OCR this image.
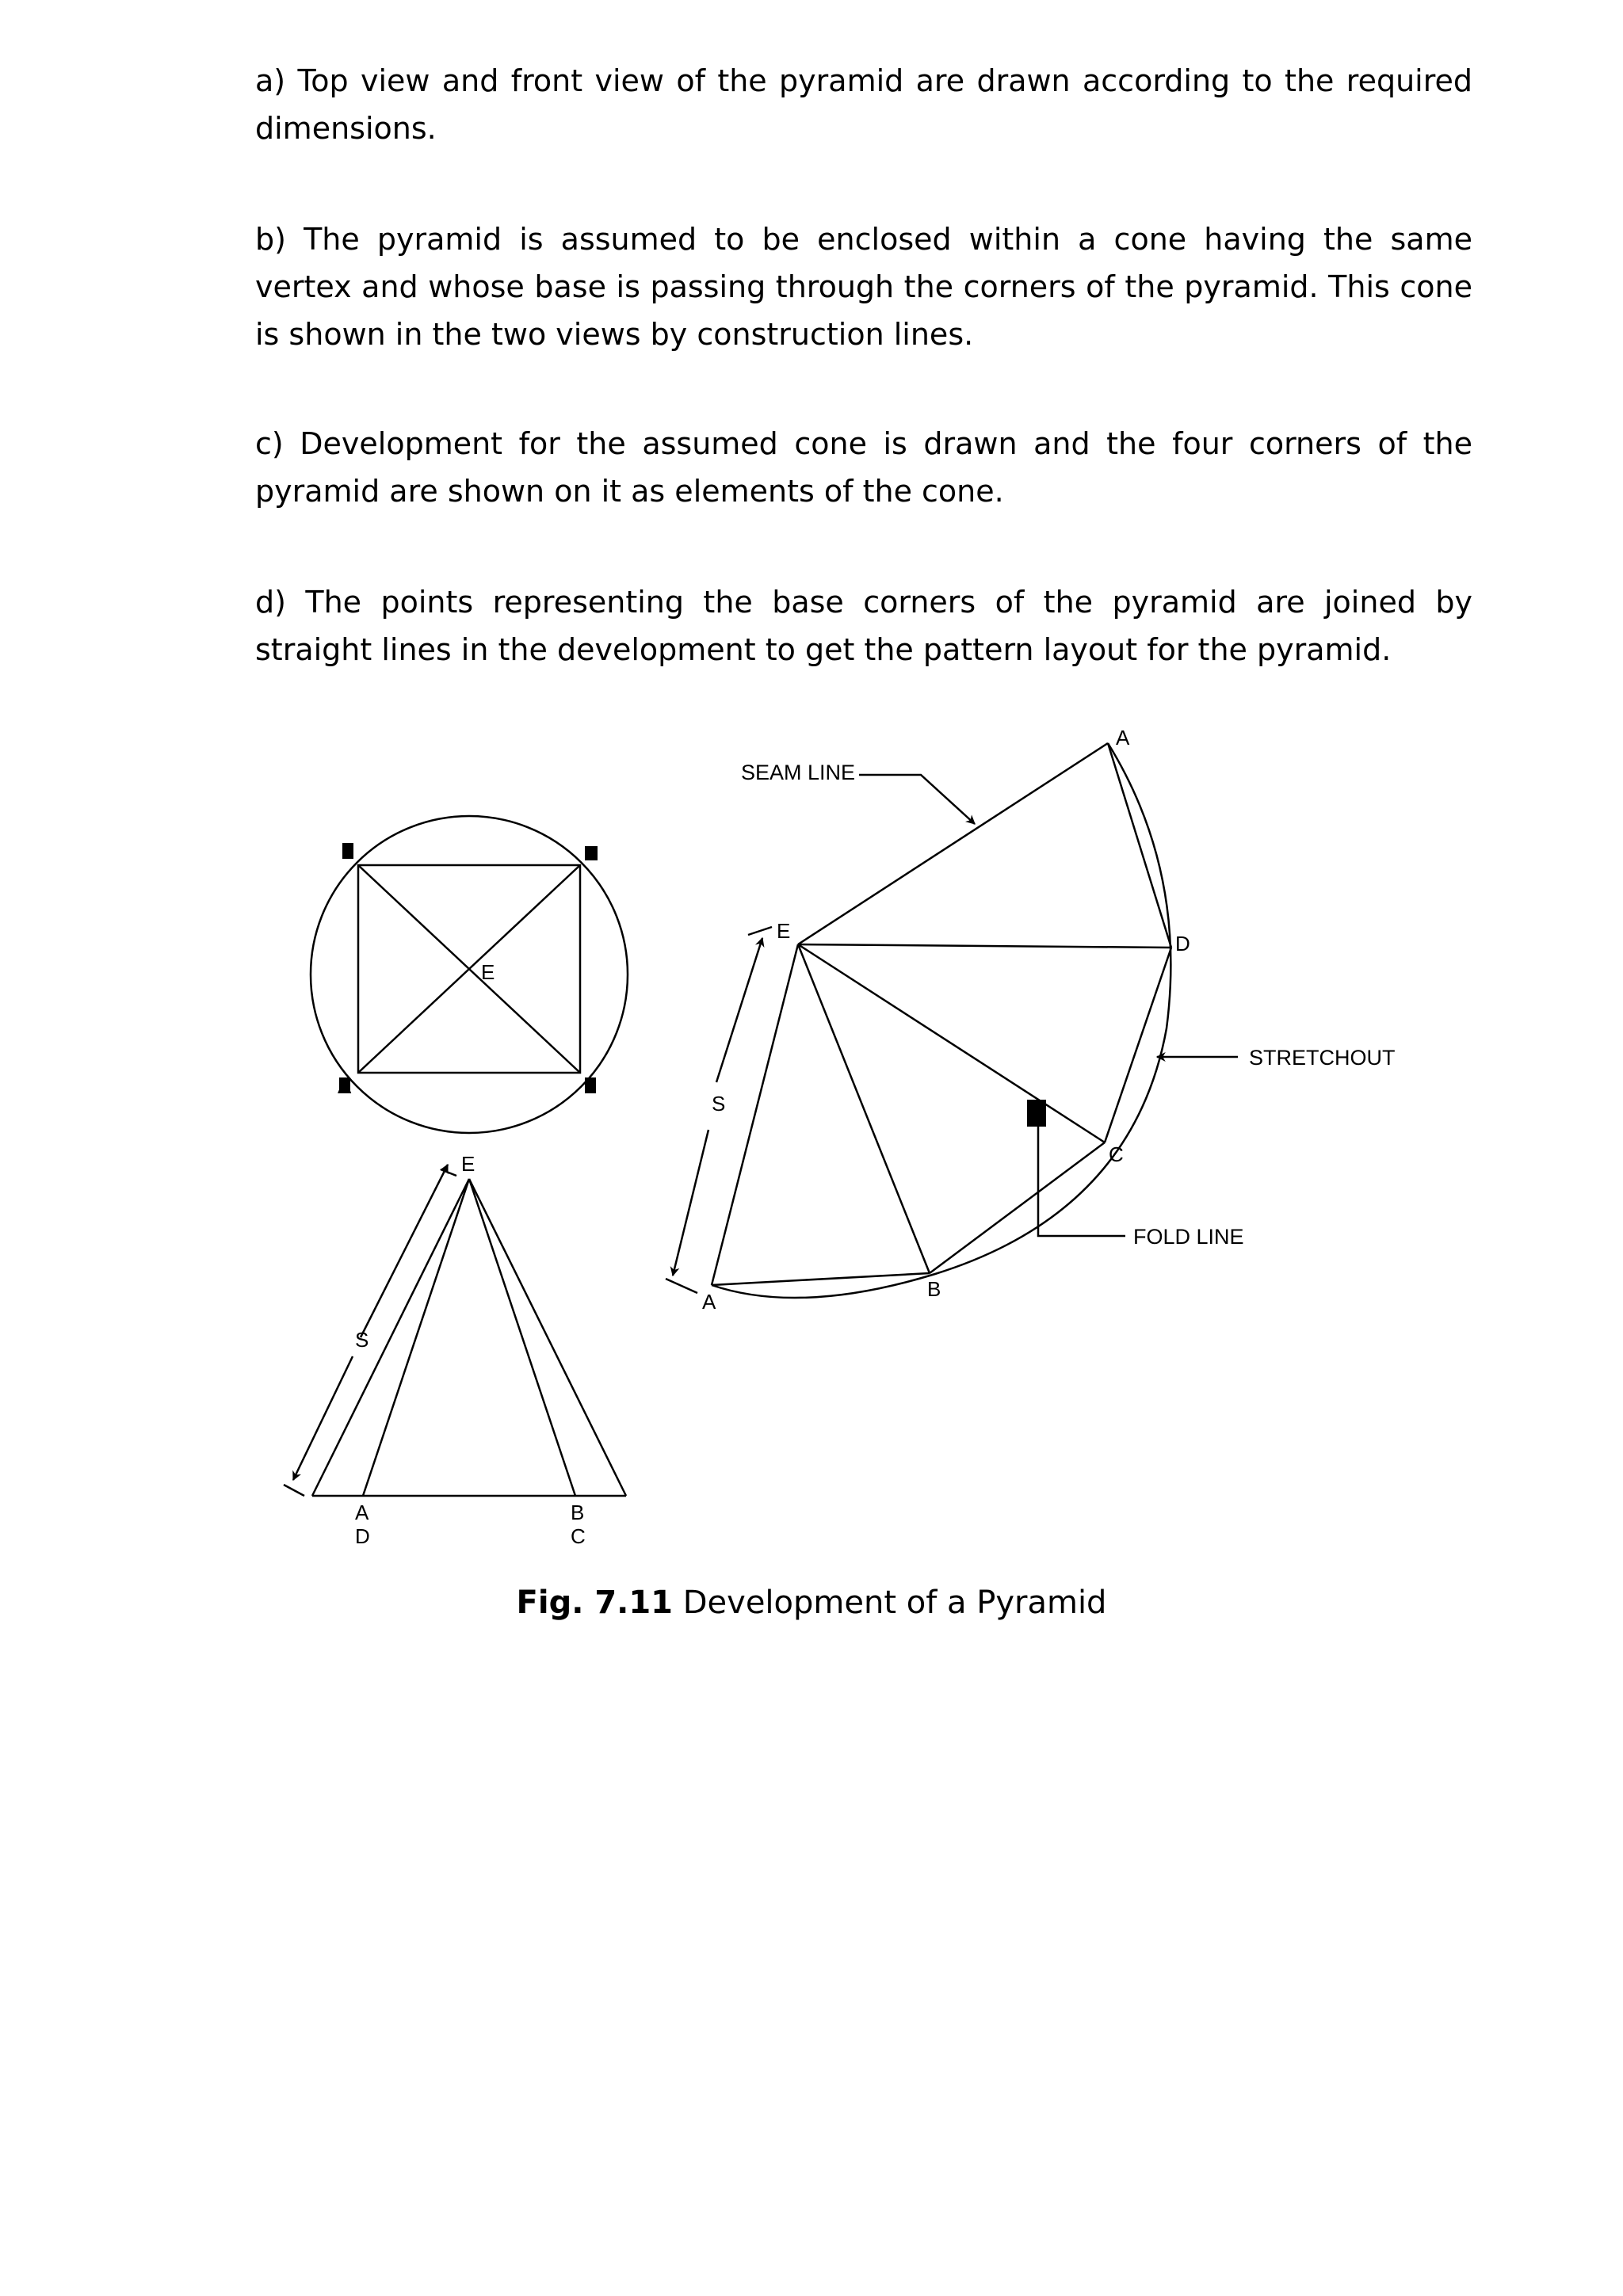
a) Top view and front view of the pyramid are drawn according to the required dimensions.

b) The pyramid is assumed to be enclosed within a cone having the same vertex and whose base is passing through the corners of the pyramid. This cone is shown in the two views by construction lines.

c) Development for the assumed cone is drawn and the four corners of the pyramid are shown on it as elements of the cone.

d) The points representing the base corners of the pyramid are joined by straight lines in the development to get the pattern layout for the pyramid.

E
A	B
E
S
A
D
B
C
A
D
C
B
A
E
S
SEAM LINE
STRETCHOUT
FOLD LINE
Fig. 7.11 Development of a Pyramid
